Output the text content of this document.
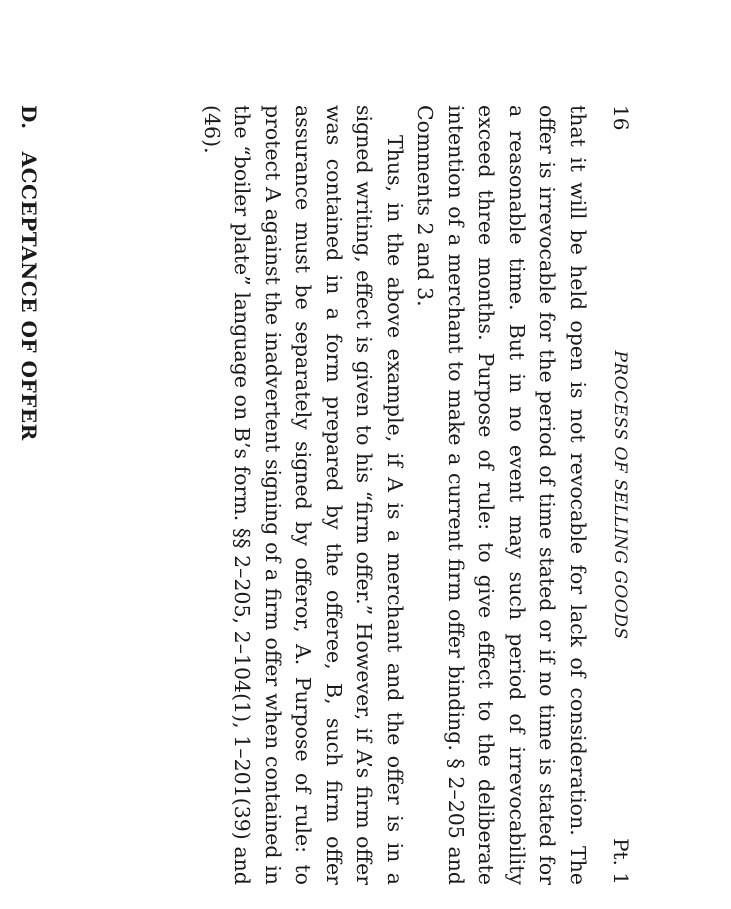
16
PROCESS OF SELLING GOODS
Pt. 1

that it will be held open is not revocable for lack of consideration. The offer is irrevocable for the period of time stated or if no time is stated for a reasonable time. But in no event may such period of irrevocability exceed three months. Purpose of rule: to give effect to the deliberate intention of a merchant to make a current firm offer binding. § 2–205 and Comments 2 and 3.

Thus, in the above example, if A is a merchant and the offer is in a signed writing, effect is given to his “firm offer.” However, if A’s firm offer was contained in a form prepared by the offeree, B, such firm offer assurance must be separately signed by offeror, A. Purpose of rule: to protect A against the inadvertent signing of a firm offer when contained in the “boiler plate” language on B’s form. §§ 2–205, 2–104(1), 1–201(39) and (46).

D.ACCEPTANCE OF OFFER
